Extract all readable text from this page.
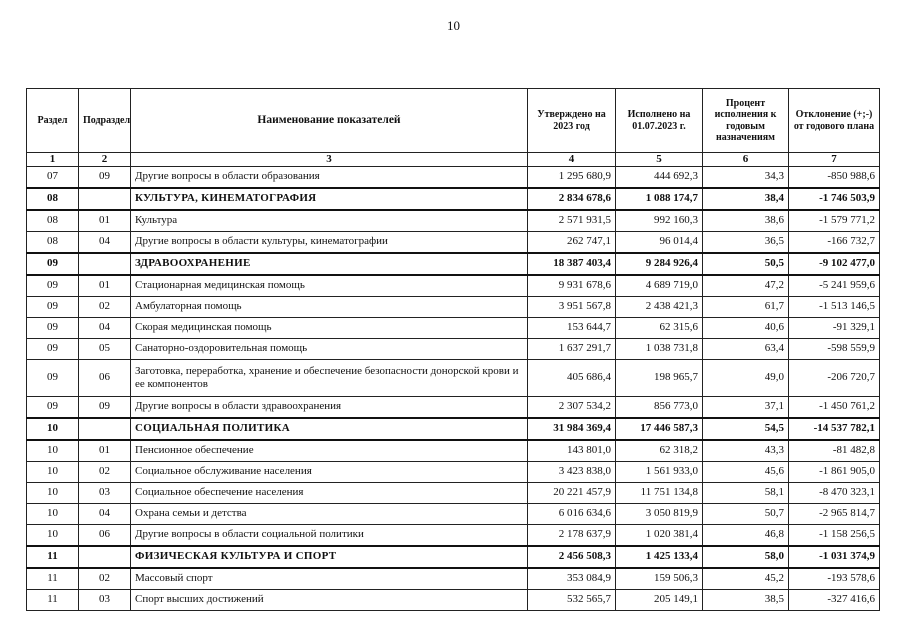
10
Раздел	Подраздел	Наименование показателей	Утверждено на 2023 год	Исполнено на 01.07.2023 г.	Процент исполнения к годовым назначениям	Отклонение (+;-) от годового плана
1	2	3	4	5	6	7
07	09	Другие вопросы в области образования	1 295 680,9	444 692,3	34,3	-850 988,6
08		КУЛЬТУРА, КИНЕМАТОГРАФИЯ	2 834 678,6	1 088 174,7	38,4	-1 746 503,9
08	01	Культура	2 571 931,5	992 160,3	38,6	-1 579 771,2
08	04	Другие вопросы в области культуры, кинематографии	262 747,1	96 014,4	36,5	-166 732,7
09		ЗДРАВООХРАНЕНИЕ	18 387 403,4	9 284 926,4	50,5	-9 102 477,0
09	01	Стационарная медицинская помощь	9 931 678,6	4 689 719,0	47,2	-5 241 959,6
09	02	Амбулаторная помощь	3 951 567,8	2 438 421,3	61,7	-1 513 146,5
09	04	Скорая медицинская помощь	153 644,7	62 315,6	40,6	-91 329,1
09	05	Санаторно-оздоровительная помощь	1 637 291,7	1 038 731,8	63,4	-598 559,9
09	06	Заготовка, переработка, хранение и обеспечение безопасности донорской крови и ее компонентов	405 686,4	198 965,7	49,0	-206 720,7
09	09	Другие вопросы в области здравоохранения	2 307 534,2	856 773,0	37,1	-1 450 761,2
10		СОЦИАЛЬНАЯ ПОЛИТИКА	31 984 369,4	17 446 587,3	54,5	-14 537 782,1
10	01	Пенсионное обеспечение	143 801,0	62 318,2	43,3	-81 482,8
10	02	Социальное обслуживание населения	3 423 838,0	1 561 933,0	45,6	-1 861 905,0
10	03	Социальное обеспечение населения	20 221 457,9	11 751 134,8	58,1	-8 470 323,1
10	04	Охрана семьи и детства	6 016 634,6	3 050 819,9	50,7	-2 965 814,7
10	06	Другие вопросы в области социальной политики	2 178 637,9	1 020 381,4	46,8	-1 158 256,5
11		ФИЗИЧЕСКАЯ КУЛЬТУРА И СПОРТ	2 456 508,3	1 425 133,4	58,0	-1 031 374,9
11	02	Массовый спорт	353 084,9	159 506,3	45,2	-193 578,6
11	03	Спорт высших достижений	532 565,7	205 149,1	38,5	-327 416,6
